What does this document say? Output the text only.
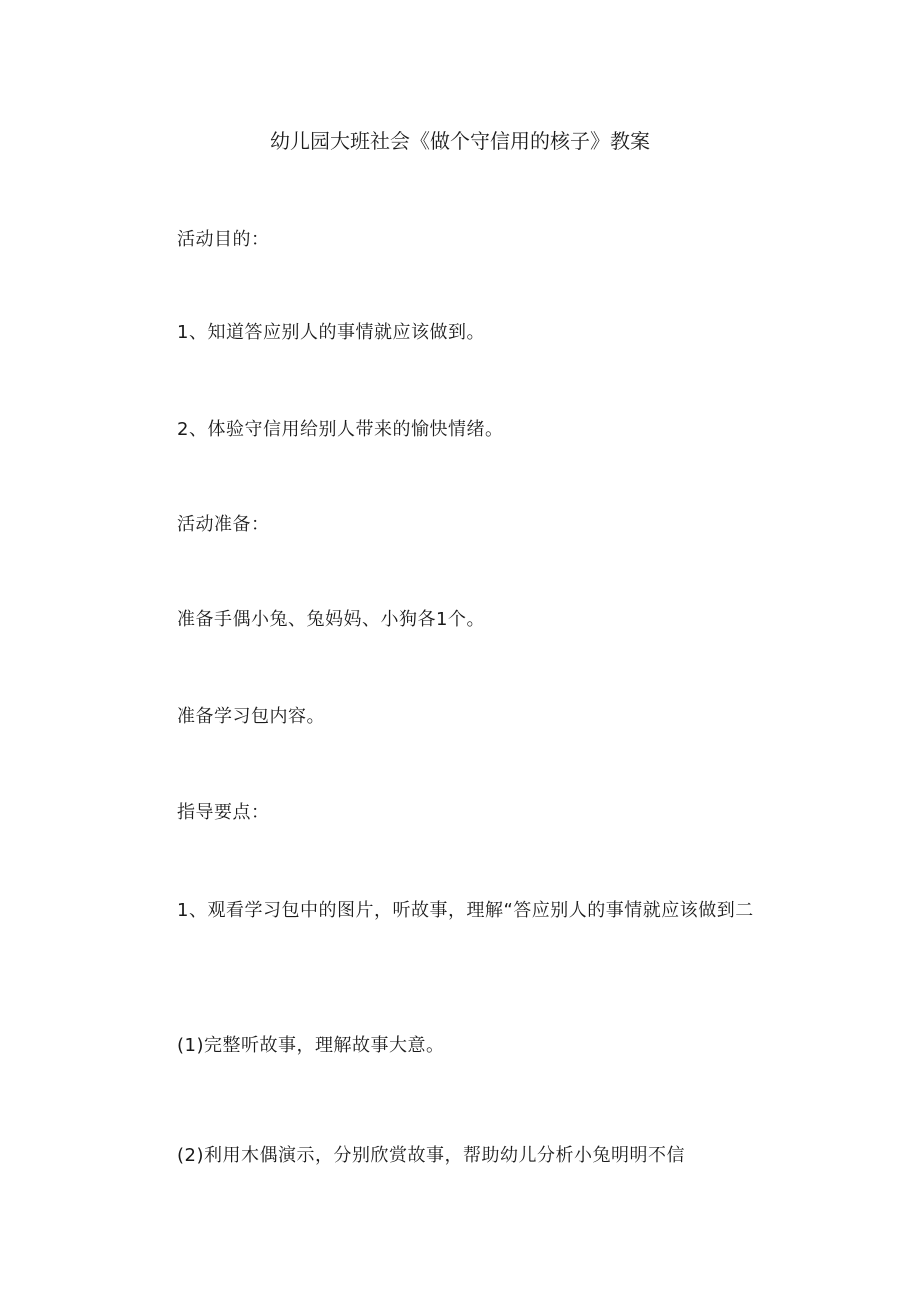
幼儿园大班社会《做个守信用的核子》教案
活动目的：
1、知道答应别人的事情就应该做到。
2、体验守信用给别人带来的愉快情绪。
活动准备：
准备手偶小兔、兔妈妈、小狗各1个。
准备学习包内容。
指导要点：
1、观看学习包中的图片，听故事，理解“答应别人的事情就应该做到二
(1)完整听故事，理解故事大意。
(2)利用木偶演示，分别欣赏故事，帮助幼儿分析小兔明明不信
